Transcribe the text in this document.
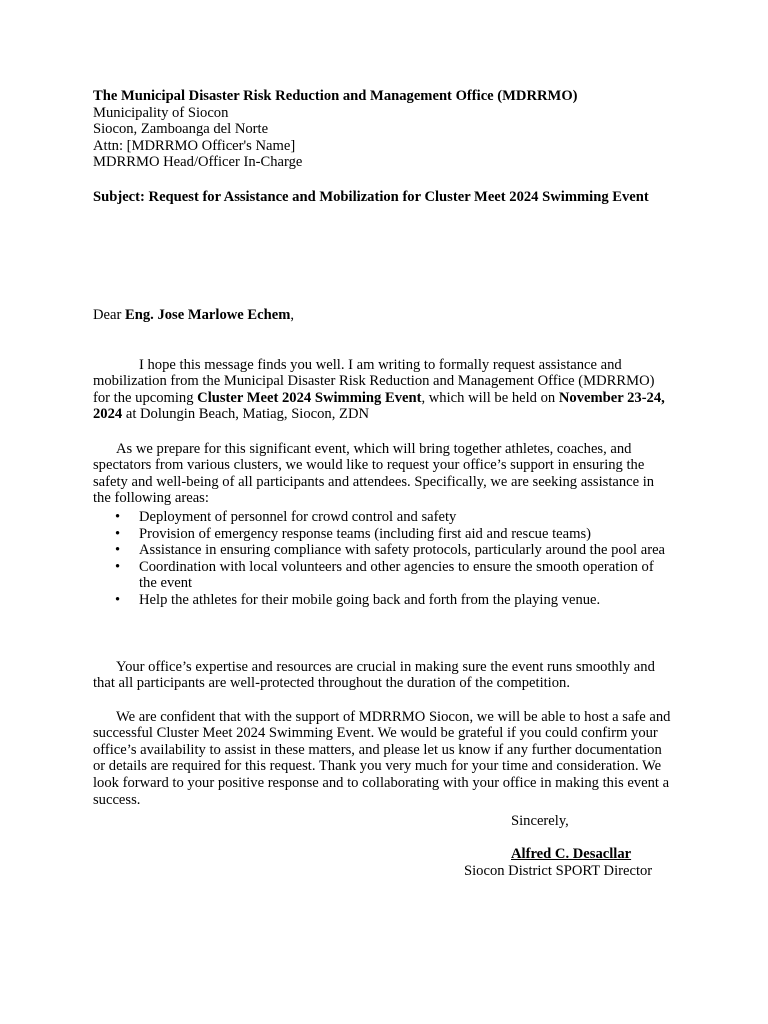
The Municipal Disaster Risk Reduction and Management Office (MDRRMO)
Municipality of Siocon
Siocon, Zamboanga del Norte
Attn: [MDRRMO Officer's Name]
MDRRMO Head/Officer In-Charge
Subject: Request for Assistance and Mobilization for Cluster Meet 2024 Swimming Event
Dear Eng. Jose Marlowe Echem,

I hope this message finds you well. I am writing to formally request assistance and mobilization from the Municipal Disaster Risk Reduction and Management Office (MDRRMO) for the upcoming Cluster Meet 2024 Swimming Event, which will be held on November 23-24, 2024 at Dolungin Beach, Matiag, Siocon, ZDN

As we prepare for this significant event, which will bring together athletes, coaches, and spectators from various clusters, we would like to request your office’s support in ensuring the safety and well-being of all participants and attendees. Specifically, we are seeking assistance in the following areas:

• Deployment of personnel for crowd control and safety
• Provision of emergency response teams (including first aid and rescue teams)
• Assistance in ensuring compliance with safety protocols, particularly around the pool area
• Coordination with local volunteers and other agencies to ensure the smooth operation of the event
• Help the athletes for their mobile going back and forth from the playing venue.

Your office’s expertise and resources are crucial in making sure the event runs smoothly and that all participants are well-protected throughout the duration of the competition.

We are confident that with the support of MDRRMO Siocon, we will be able to host a safe and successful Cluster Meet 2024 Swimming Event. We would be grateful if you could confirm your office’s availability to assist in these matters, and please let us know if any further documentation or details are required for this request. Thank you very much for your time and consideration. We look forward to your positive response and to collaborating with your office in making this event a success.

Sincerely,
Alfred C. Desacllar
Siocon District SPORT Director
